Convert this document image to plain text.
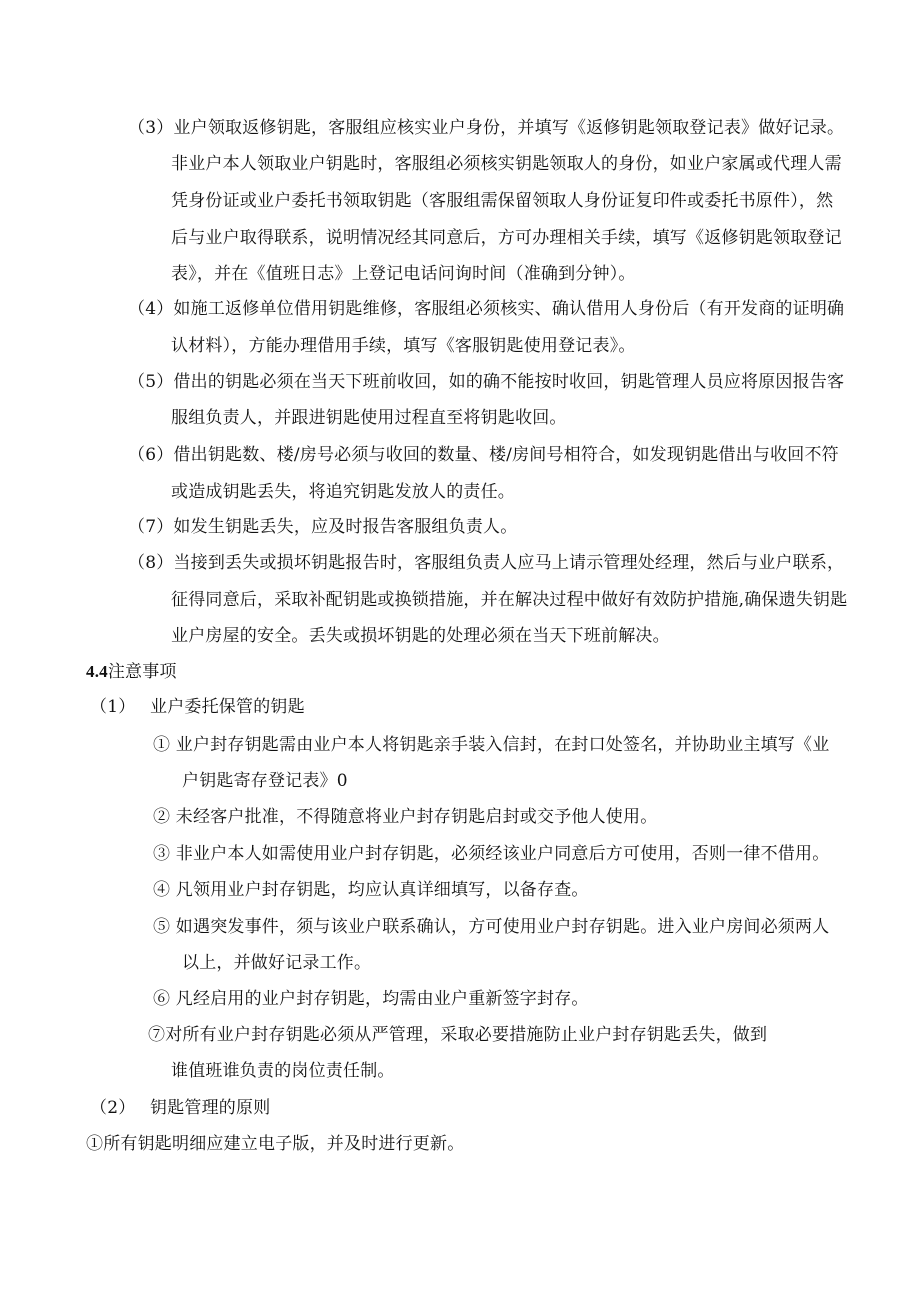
（3）业户领取返修钥匙，客服组应核实业户身份，并填写《返修钥匙领取登记表》做好记录。
非业户本人领取业户钥匙时，客服组必须核实钥匙领取人的身份，如业户家属或代理人需
凭身份证或业户委托书领取钥匙（客服组需保留领取人身份证复印件或委托书原件），然
后与业户取得联系，说明情况经其同意后，方可办理相关手续，填写《返修钥匙领取登记
表》，并在《值班日志》上登记电话问询时间（准确到分钟）。
（4）如施工返修单位借用钥匙维修，客服组必须核实、确认借用人身份后（有开发商的证明确
认材料），方能办理借用手续，填写《客服钥匙使用登记表》。
（5）借出的钥匙必须在当天下班前收回，如的确不能按时收回，钥匙管理人员应将原因报告客
服组负责人，并跟进钥匙使用过程直至将钥匙收回。
（6）借出钥匙数、楼/房号必须与收回的数量、楼/房间号相符合，如发现钥匙借出与收回不符
或造成钥匙丢失，将追究钥匙发放人的责任。
（7）如发生钥匙丢失，应及时报告客服组负责人。
（8）当接到丢失或损坏钥匙报告时，客服组负责人应马上请示管理处经理，然后与业户联系，
征得同意后，采取补配钥匙或换锁措施，并在解决过程中做好有效防护措施,确保遗失钥匙
业户房屋的安全。丢失或损坏钥匙的处理必须在当天下班前解决。
4.4注意事项
（1） 业户委托保管的钥匙
① 业户封存钥匙需由业户本人将钥匙亲手装入信封，在封口处签名，并协助业主填写《业
户钥匙寄存登记表》0
② 未经客户批准，不得随意将业户封存钥匙启封或交予他人使用。
③ 非业户本人如需使用业户封存钥匙，必须经该业户同意后方可使用，否则一律不借用。
④ 凡领用业户封存钥匙，均应认真详细填写，以备存查。
⑤ 如遇突发事件，须与该业户联系确认，方可使用业户封存钥匙。进入业户房间必须两人
以上，并做好记录工作。
⑥ 凡经启用的业户封存钥匙，均需由业户重新签字封存。
⑦对所有业户封存钥匙必须从严管理，采取必要措施防止业户封存钥匙丢失，做到
谁值班谁负责的岗位责任制。
（2） 钥匙管理的原则
①所有钥匙明细应建立电子版，并及时进行更新。
